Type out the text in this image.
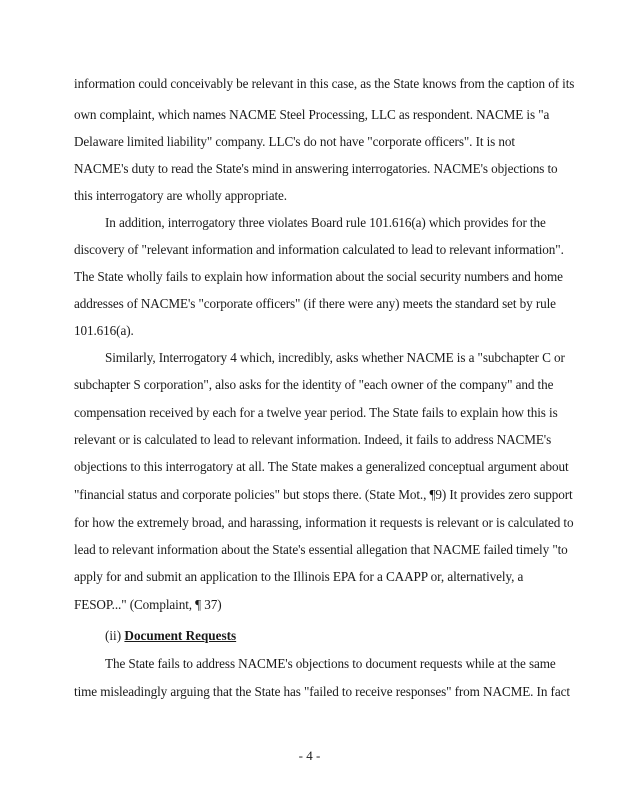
information could conceivably be relevant in this case, as the State knows from the caption of its
own complaint, which names NACME Steel Processing, LLC as respondent. NACME is "a
Delaware limited liability" company. LLC's do not have "corporate officers". It is not
NACME's duty to read the State's mind in answering interrogatories. NACME's objections to
this interrogatory are wholly appropriate.
In addition, interrogatory three violates Board rule 101.616(a) which provides for the
discovery of "relevant information and information calculated to lead to relevant information".
The State wholly fails to explain how information about the social security numbers and home
addresses of NACME's "corporate officers" (if there were any) meets the standard set by rule
101.616(a).
Similarly, Interrogatory 4 which, incredibly, asks whether NACME is a "subchapter C or
subchapter S corporation", also asks for the identity of "each owner of the company" and the
compensation received by each for a twelve year period. The State fails to explain how this is
relevant or is calculated to lead to relevant information. Indeed, it fails to address NACME's
objections to this interrogatory at all. The State makes a generalized conceptual argument about
"financial status and corporate policies" but stops there. (State Mot., ¶9) It provides zero support
for how the extremely broad, and harassing, information it requests is relevant or is calculated to
lead to relevant information about the State's essential allegation that NACME failed timely "to
apply for and submit an application to the Illinois EPA for a CAAPP or, alternatively, a
FESOP..." (Complaint, ¶ 37)
(ii) Document Requests
The State fails to address NACME's objections to document requests while at the same
time misleadingly arguing that the State has "failed to receive responses" from NACME. In fact
- 4 -
